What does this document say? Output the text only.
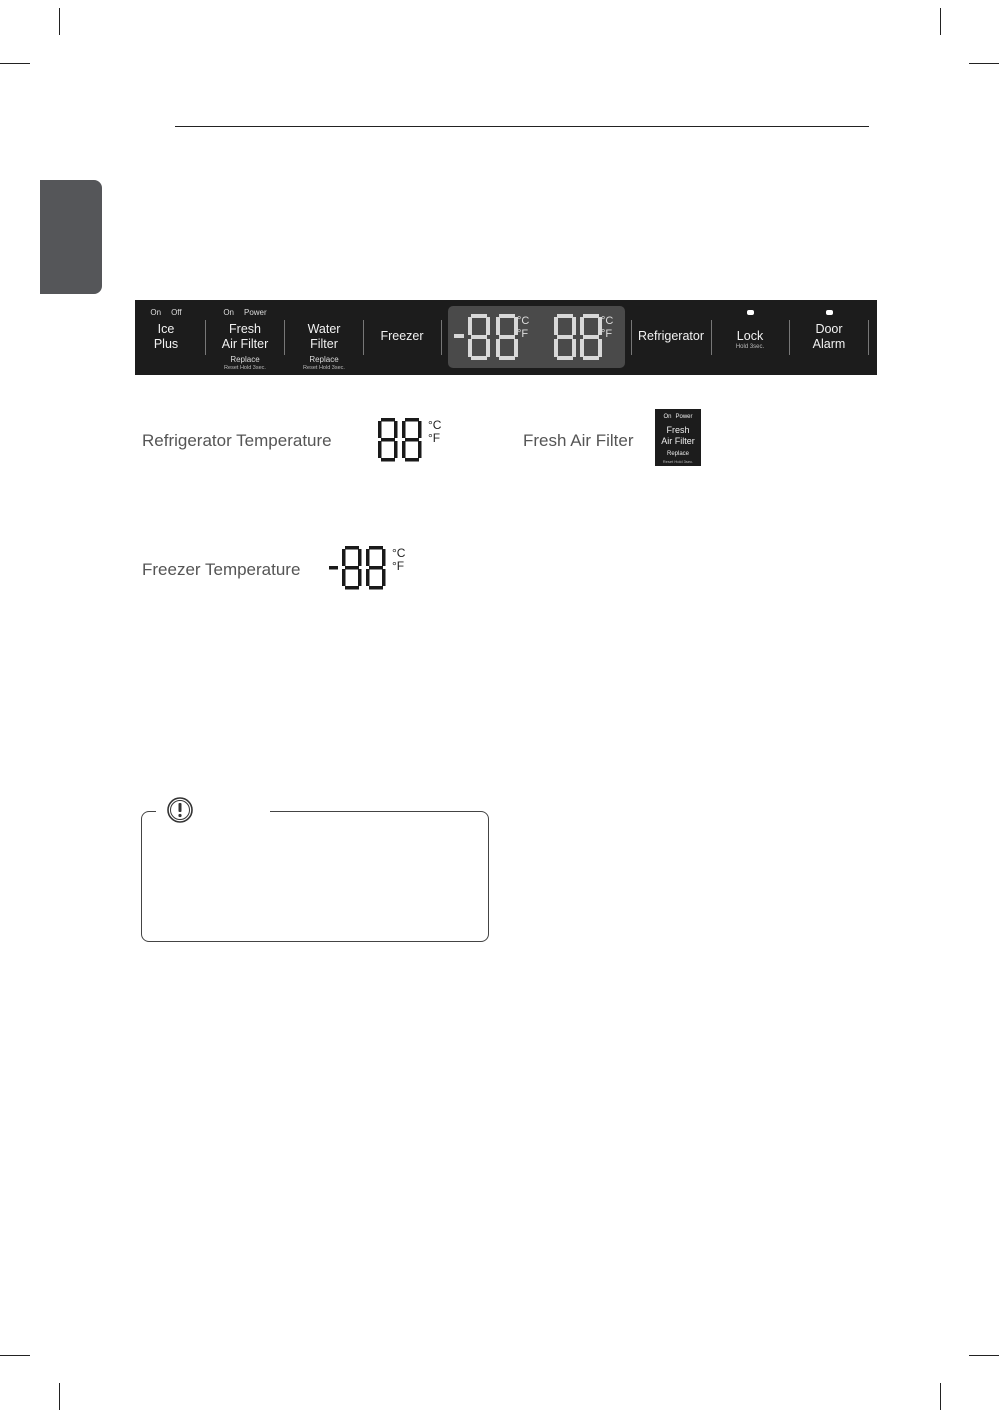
On Off
Ice
Plus
On Power
Fresh
Air Filter
Replace
Reset Hold 3sec.
Water
Filter
Replace
Reset Hold 3sec.
Freezer
°C
°F
°C
°F	Refrigerator	Lock
Hold 3sec.
Door
Alarm
Refrigerator Temperature
°C
°F	Fresh Air Filter
On Power
Fresh
Air Filter
Replace
Reset Hold 3sec.
Freezer Temperature
°C
°F
